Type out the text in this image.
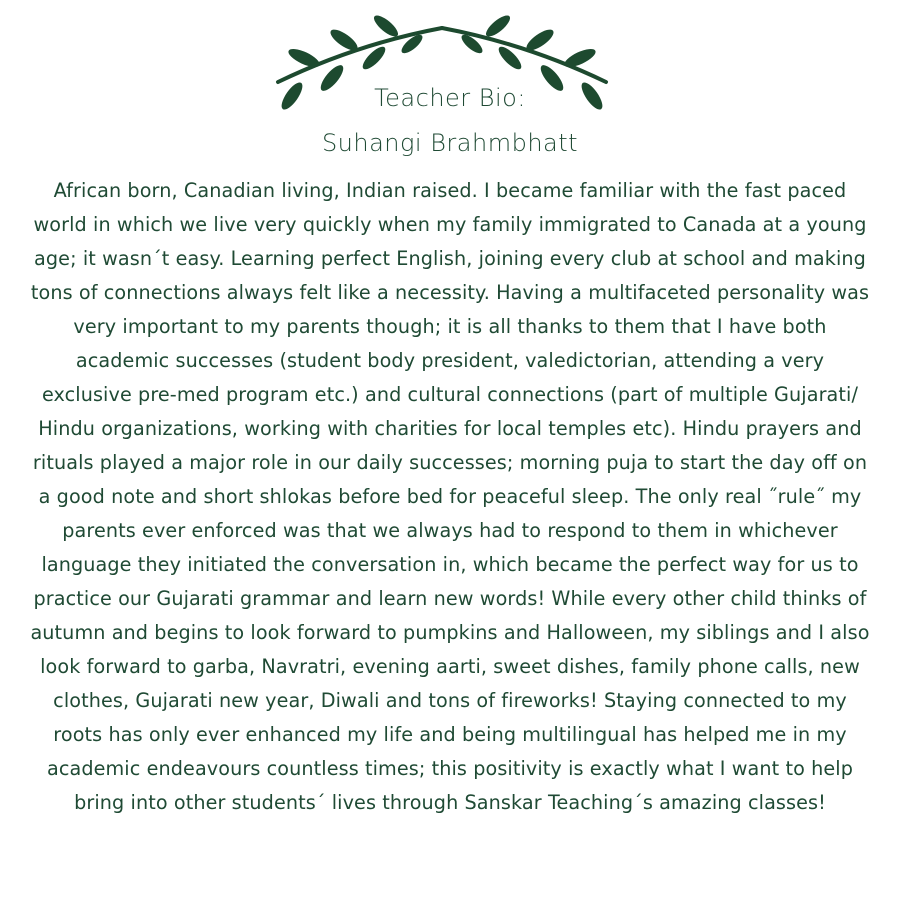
Teacher Bio:
Suhangi Brahmbhatt

African born, Canadian living, Indian raised. I became familiar with the fast paced world in which we live very quickly when my family immigrated to Canada at a young age; it wasn´t easy. Learning perfect English, joining every club at school and making tons of connections always felt like a necessity. Having a multifaceted personality was very important to my parents though; it is all thanks to them that I have both academic successes (student body president, valedictorian, attending a very exclusive pre-med program etc.) and cultural connections (part of multiple Gujarati/ Hindu organizations, working with charities for local temples etc). Hindu prayers and rituals played a major role in our daily successes; morning puja to start the day off on a good note and short shlokas before bed for peaceful sleep. The only real ˝rule˝ my parents ever enforced was that we always had to respond to them in whichever language they initiated the conversation in, which became the perfect way for us to practice our Gujarati grammar and learn new words! While every other child thinks of autumn and begins to look forward to pumpkins and Halloween, my siblings and I also look forward to garba, Navratri, evening aarti, sweet dishes, family phone calls, new clothes, Gujarati new year, Diwali and tons of fireworks! Staying connected to my roots has only ever enhanced my life and being multilingual has helped me in my academic endeavours countless times; this positivity is exactly what I want to help bring into other students´ lives through Sanskar Teaching´s amazing classes!
